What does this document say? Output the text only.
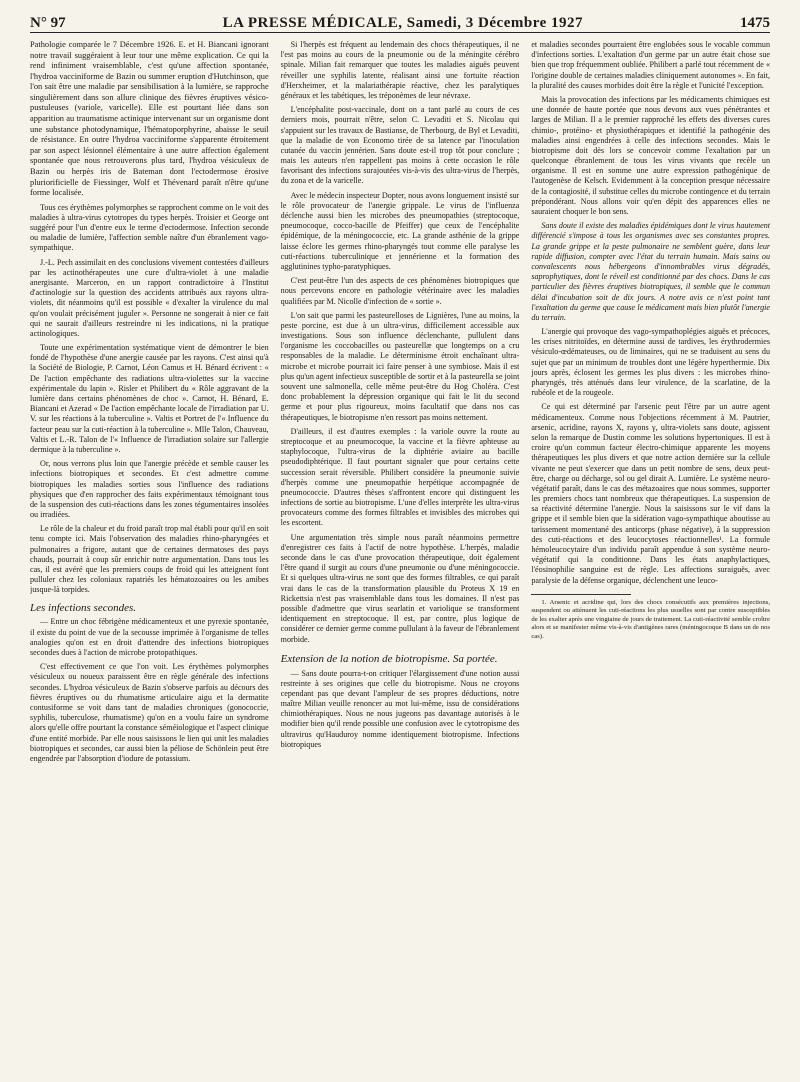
N° 97	LA PRESSE MÉDICALE, Samedi, 3 Décembre 1927	1475

Pathologie comparée le 7 Décembre 1926. E. et H. Biancani ignorant notre travail suggéraient à leur tour une même explication. Ce qui la rend infiniment vraisemblable, c'est qu'une affection spontanée, l'hydroa vacciniforme de Bazin ou summer eruption d'Hutchinson, que l'on sait être une maladie par sensibilisation à la lumière, se rapproche singulièrement dans son allure clinique des fièvres éruptives vésico-pustuleuses (variole, varicelle). Elle est pourtant liée dans son apparition au traumatisme actinique intervenant sur un organisme dont une substance photodynamique, l'hématoporphyrine, abaisse le seuil de résistance. En outre l'hydroa vacciniforme s'apparente étroitement par son aspect lésionnel élémentaire à une autre affection également spontanée que nous retrouverons plus tard, l'hydroa vésiculeux de Bazin ou herpès iris de Bateman dont l'ectodermose érosive pluriorificielle de Fiessinger, Wolf et Thévenard paraît n'être qu'une forme localisée.

Tous ces érythèmes polymorphes se rapprochent comme on le voit des maladies à ultra-virus cytotropes du types herpès. Troisier et George ont suggéré pour l'un d'entre eux le terme d'ectodermose. Infection seconde ou maladie de lumière, l'affection semble naître d'un ébranlement vago-sympathique.

J.-L. Pech assimilait en des conclusions vivement contestées d'ailleurs par les actinothérapeutes une cure d'ultra-violet à une maladie anergisante. Marceron, en un rapport contradictoire à l'Institut d'actinologie sur la question des accidents attribués aux rayons ultra-violets, dit néanmoins qu'il est possible « d'exalter la virulence du mal qu'on voulait précisément juguler ». Personne ne songerait à nier ce fait qui ne saurait d'ailleurs restreindre ni les indications, ni la pratique actinologiques.

Toute une expérimentation systématique vient de démontrer le bien fondé de l'hypothèse d'une anergie causée par les rayons. C'est ainsi qu'à la Société de Biologie, P. Carnot, Léon Camus et H. Bénard écrivent : « De l'action empêchante des radiations ultra-violettes sur la vaccine expérimentale du lapin ». Risler et Philibert du « Rôle aggravant de la lumière dans certains phénomènes de choc ». Carnot, H. Bénard, E. Biancani et Azerad « De l'action empêchante locale de l'irradiation par U. V. sur les réactions à la tuberculine ». Valtis et Portret de l'« Influence du facteur peau sur la cuti-réaction à la tuberculine ». Mlle Talon, Chauveau, Valtis et L.-R. Talon de l'« Influence de l'irradiation solaire sur l'allergie dermique à la tuberculine ».

Or, nous verrons plus loin que l'anergie précède et semble causer les infections biotropiques et secondes. Et c'est admettre comme biotropiques les maladies sorties sous l'influence des radiations physiques que d'en rapprocher des faits expérimentaux témoignant tous de la suspension des cuti-réactions dans les zones tégumentaires insolées ou irradiées.

Le rôle de la chaleur et du froid paraît trop mal établi pour qu'il en soit tenu compte ici. Mais l'observation des maladies rhino-pharyngées et pulmonaires a frigore, autant que de certaines dermatoses des pays chauds, pourrait à coup sûr enrichir notre argumentation. Dans tous les cas, il est avéré que les premiers coups de froid qui les atteignent font pulluler chez les coloniaux rapatriés les hématozoaires ou les amibes jusque-là torpides.

Les infections secondes.

— Entre un choc fébrigène médicamenteux et une pyrexie spontanée, il existe du point de vue de la secousse imprimée à l'organisme de telles analogies qu'on est en droit d'attendre des infections biotropiques secondes dues à l'action de microbe protopathiques.

C'est effectivement ce que l'on voit. Les érythèmes polymorphes vésiculeux ou noueux paraissent être en règle générale des infections secondes. L'hydroa vésiculeux de Bazin s'observe parfois au décours des fièvres éruptives ou du rhumatisme articulaire aigu et la dermatite contusiforme se voit dans tant de maladies chroniques (gonococcie, syphilis, tuberculose, rhumatisme) qu'on en a voulu faire un syndrome alors qu'elle offre pourtant la constance séméiologique et l'aspect clinique d'une entité morbide. Par elle nous saisissons le lien qui unit les maladies biotropiques et secondes, car aussi bien la péliose de Schönlein peut être engendrée par l'absorption d'iodure de potassium.

Si l'herpès est fréquent au lendemain des chocs thérapeutiques, il ne l'est pas moins au cours de la pneumonie ou de la méningite cérébro spinale. Milian fait remarquer que toutes les maladies aiguës peuvent réveiller une syphilis latente, réalisant ainsi une fortuite réaction d'Herxheimer, et la malariathérapie réactive, chez les paralytiques généraux et les tabétiques, les tréponèmes de leur névraxe.

L'encéphalite post-vaccinale, dont on a tant parlé au cours de ces derniers mois, pourrait n'être, selon C. Levaditi et S. Nicolau qui s'appuient sur les travaux de Bastianse, de Therbourg, de Byl et Levaditi, que la maladie de von Economo tirée de sa latence par l'inoculation cutanée du vaccin jennérien. Sans doute est-il trop tôt pour conclure ; mais les auteurs n'en rappellent pas moins à cette occasion le rôle favorisant des infections surajoutées vis-à-vis des ultra-virus de l'herpès, du zona et de la varicelle.

Avec le médecin inspecteur Dopter, nous avons longuement insisté sur le rôle provocateur de l'anergie grippale. Le virus de l'influenza déclenche aussi bien les microbes des pneumopathies (streptocoque, pneumocoque, cocco-bacille de Pfeiffer) que ceux de l'encéphalite épidémique, de la méningococcie, etc. La grande asthénie de la grippe laisse éclore les germes rhino-pharyngés tout comme elle paralyse les cuti-réactions tuberculinique et jennérienne et la formation des agglutinines typho-paratyphiques.

C'est peut-être l'un des aspects de ces phénomènes biotropiques que nous percevons encore en pathologie vétérinaire avec les maladies qualifiées par M. Nicolle d'infection de « sortie ».

L'on sait que parmi les pasteurelloses de Lignières, l'une au moins, la peste porcine, est due à un ultra-virus, difficilement accessible aux investigations. Sous son influence déclenchante, pullulent dans l'organisme les coccobacilles ou pasteurellæ que longtemps on a cru responsables de la maladie. Le déterminisme étroit enchaînant ultra-microbe et microbe pourrait ici faire penser à une symbiose. Mais il est plus qu'un agent infectieux susceptible de sortir et à la pasteurella se joint souvent une salmonella, celle même peut-être du Hog Choléra. C'est donc probablement la dépression organique qui fait le lit du second germe et pour plus rigoureux, moins facultatif que dans nos cas thérapeutiques, le biotropisme n'en ressort pas moins nettement.

D'ailleurs, il est d'autres exemples : la variole ouvre la route au streptocoque et au pneumocoque, la vaccine et la fièvre aphteuse au staphylocoque, l'ultra-virus de la diphtérie aviaire au bacille pseudodiphtérique. Il faut pourtant signaler que pour certains cette succession serait réversible. Philibert considère la pneumonie suivie d'herpès comme une pneumopathie herpétique accompagnée de pneumococcie. D'autres thèses s'affrontent encore qui distinguent les infections de sortie au biotropisme. L'une d'elles interprète les ultra-virus provocateurs comme des formes filtrables et invisibles des microbes qui les escortent.

Une argumentation très simple nous paraît néanmoins permettre d'enregistrer ces faits à l'actif de notre hypothèse. L'herpès, maladie seconde dans le cas d'une provocation thérapeutique, doit également l'être quand il surgit au cours d'une pneumonie ou d'une méningococcie. Et si quelques ultra-virus ne sont que des formes filtrables, ce qui paraît vrai dans le cas de la transformation plausible du Proteus X 19 en Rickettsia n'est pas vraisemblable dans tous les domaines. Il n'est pas possible d'admettre que virus searlatin et variolique se transforment identiquement en streptocoque. Il est, par contre, plus logique de considérer ce dernier germe comme pullulant à la faveur de l'ébranlement morbide.

Extension de la notion de biotropisme. Sa portée.

— Sans doute pourra-t-on critiquer l'élargissement d'une notion aussi restreinte à ses origines que celle du biotropisme. Nous ne croyons cependant pas que devant l'ampleur de ses propres déductions, notre maître Milian veuille renoncer au mot lui-même, issu de considérations chimiothérapiques. Nous ne nous jugeons pas davantage autorisés à le modifier bien qu'il rende possible une confusion avec le cytotropisme des ultravirus qu'Hauduroy nomme identiquement biotropisme. Infections biotropiques

et maladies secondes pourraient être englobées sous le vocable commun d'infections sorties. L'exaltation d'un germe par un autre était chose sue bien que trop fréquemment oubliée. Philibert a parlé tout récemment de « l'origine double de certaines maladies cliniquement autonomes ». En fait, la pluralité des causes morbides doit être la règle et l'unicité l'exception.

Mais la provocation des infections par les médicaments chimiques est une donnée de haute portée que nous devons aux vues pénétrantes et larges de Milian. Il a le premier rapproché les effets des diverses cures chimio-, protéino- et physiothérapiques et identifié la pathogénie des maladies ainsi engendrées à celle des infections secondes. Mais le biotropisme doit dès lors se concevoir comme l'exaltation par un quelconque ébranlement de tous les virus vivants que recèle un organisme. Il est en somme une autre expression pathogénique de l'autogenèse de Kelsch. Evidemment à la conception presque nécessaire de la contagiosité, il substitue celles du microbe contingence et du terrain prépondérant. Nous allons voir qu'en dépit des apparences elles ne sauraient choquer le bon sens.

Sans doute il existe des maladies épidémiques dont le virus hautement différencié s'impose à tous les organismes avec ses constantes propres. La grande grippe et la peste pulmonaire ne semblent guère, dans leur rapide diffusion, compter avec l'état du terrain humain. Mais sains ou convalescents nous hébergeons d'innombrables virus dégradés, saprophytiques, dont le réveil est conditionné par des chocs. Dans le cas particulier des fièvres éruptives biotropiques, il semble que le commun délai d'incubation soit de dix jours. A notre avis ce n'est point tant l'exaltation du germe que cause le médicament mais bien plutôt l'anergie du terrain.

L'anergie qui provoque des vago-sympathoplégies aiguës et précoces, les crises nitritoïdes, en détermine aussi de tardives, les érythrodermies vésiculo-œdémateuses, ou de liminaires, qui ne se traduisent au sens du sujet que par un minimum de troubles dont une légère hyperthermie. Dix jours après, éclosent les germes les plus divers : les microbes rhino-pharyngés, très atténués dans leur virulence, de la scarlatine, de la rubéole et de la rougeole.

Ce qui est déterminé par l'arsenic peut l'être par un autre agent médicamenteux. Comme nous l'objections récemment à M. Pautrier, arsenic, acridine, rayons X, rayons γ, ultra-violets sans doute, agissent selon la remarque de Dustin comme les solutions hypertoniques. Il est à croire qu'un commun facteur électro-chimique apparente les moyens thérapeutiques les plus divers et que notre action dernière sur la cellule vivante ne peut s'exercer que dans un petit nombre de sens, deux peut-être, charge ou décharge, sol ou gel dirait A. Lumière. Le système neuro-végétatif paraît, dans le cas des métazoaires que nous sommes, supporter les premiers chocs tant nombreux que thérapeutiques. La suspension de sa réactivité détermine l'anergie. Nous la saisissons sur le vif dans la grippe et il semble bien que la sidération vago-sympathique aboutisse au tarissement momentané des anticorps (phase négative), à la suppression des cuti-réactions et des leucocytoses réactionnelles¹. La formule hémoleucocytaire d'un individu paraît appendue à son système neuro-végétatif qui la conditionne. Dans les états anaphylactiques, l'éosinophilie sanguine est de règle. Les affections suraiguës, avec paralysie de la défense organique, déclenchent une leuco-

1. Arsenic et acridine qui, lors des chocs consécutifs aux premières injections, suspendent ou atténuent les cuti-réactions les plus usuelles sont par contre susceptibles de les exalter après une vingtaine de jours de traitement. La cuti-réactivité semble croître alors et se manifester même vis-à-vis d'antigènes rares (méningocoque B dans un de nos cas).
